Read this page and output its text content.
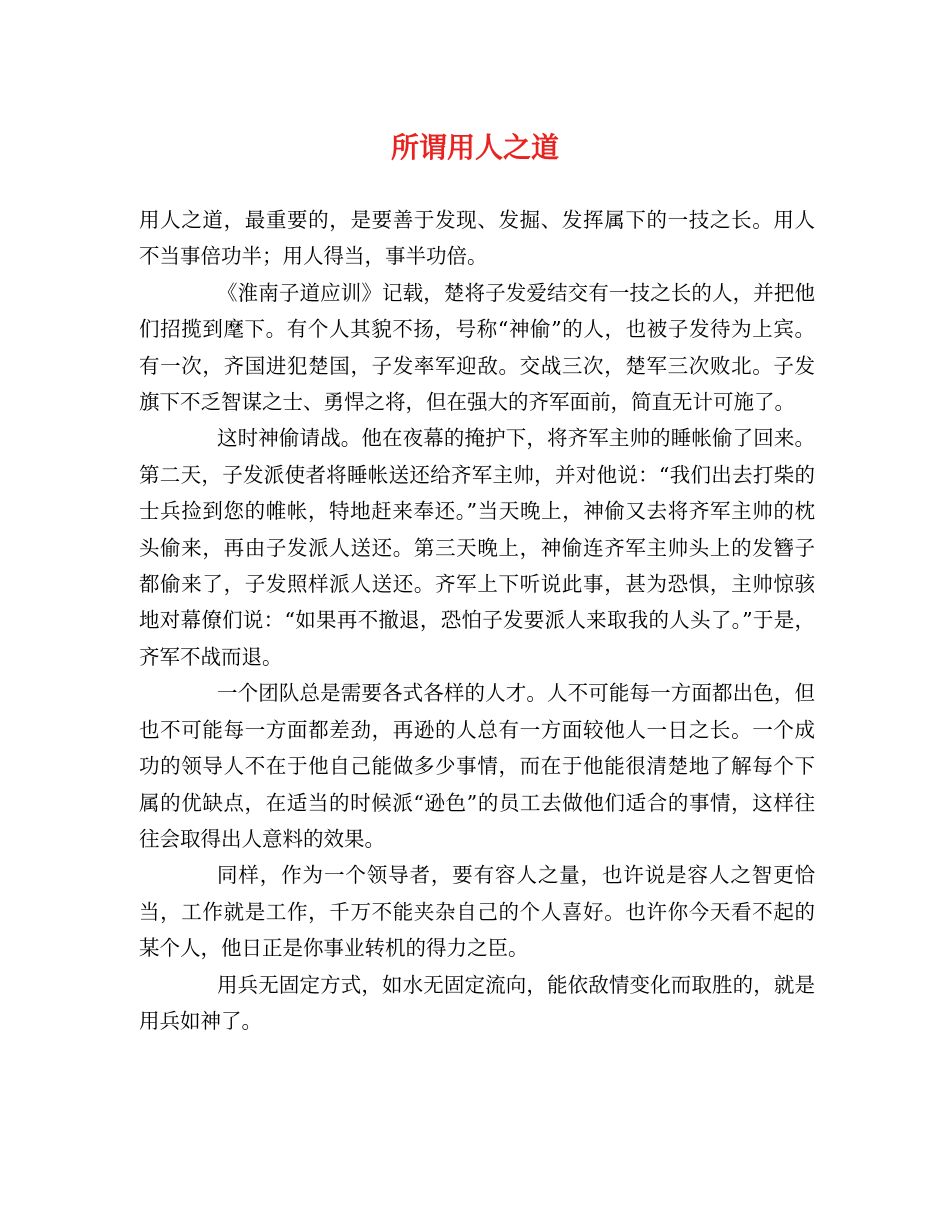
所谓用人之道

用人之道，最重要的，是要善于发现、发掘、发挥属下的一技之长。用人不当事倍功半；用人得当，事半功倍。

《淮南子道应训》记载，楚将子发爱结交有一技之长的人，并把他们招揽到麾下。有个人其貌不扬，号称“神偷”的人，也被子发待为上宾。有一次，齐国进犯楚国，子发率军迎敌。交战三次，楚军三次败北。子发旗下不乏智谋之士、勇悍之将，但在强大的齐军面前，简直无计可施了。

这时神偷请战。他在夜幕的掩护下，将齐军主帅的睡帐偷了回来。第二天，子发派使者将睡帐送还给齐军主帅，并对他说：“我们出去打柴的士兵捡到您的帷帐，特地赶来奉还。”当天晚上，神偷又去将齐军主帅的枕头偷来，再由子发派人送还。第三天晚上，神偷连齐军主帅头上的发簪子都偷来了，子发照样派人送还。齐军上下听说此事，甚为恐惧，主帅惊骇地对幕僚们说：“如果再不撤退，恐怕子发要派人来取我的人头了。”于是，齐军不战而退。

一个团队总是需要各式各样的人才。人不可能每一方面都出色，但也不可能每一方面都差劲，再逊的人总有一方面较他人一日之长。一个成功的领导人不在于他自己能做多少事情，而在于他能很清楚地了解每个下属的优缺点，在适当的时候派“逊色”的员工去做他们适合的事情，这样往往会取得出人意料的效果。

同样，作为一个领导者，要有容人之量，也许说是容人之智更恰当，工作就是工作，千万不能夹杂自己的个人喜好。也许你今天看不起的某个人，他日正是你事业转机的得力之臣。

用兵无固定方式，如水无固定流向，能依敌情变化而取胜的，就是用兵如神了。
